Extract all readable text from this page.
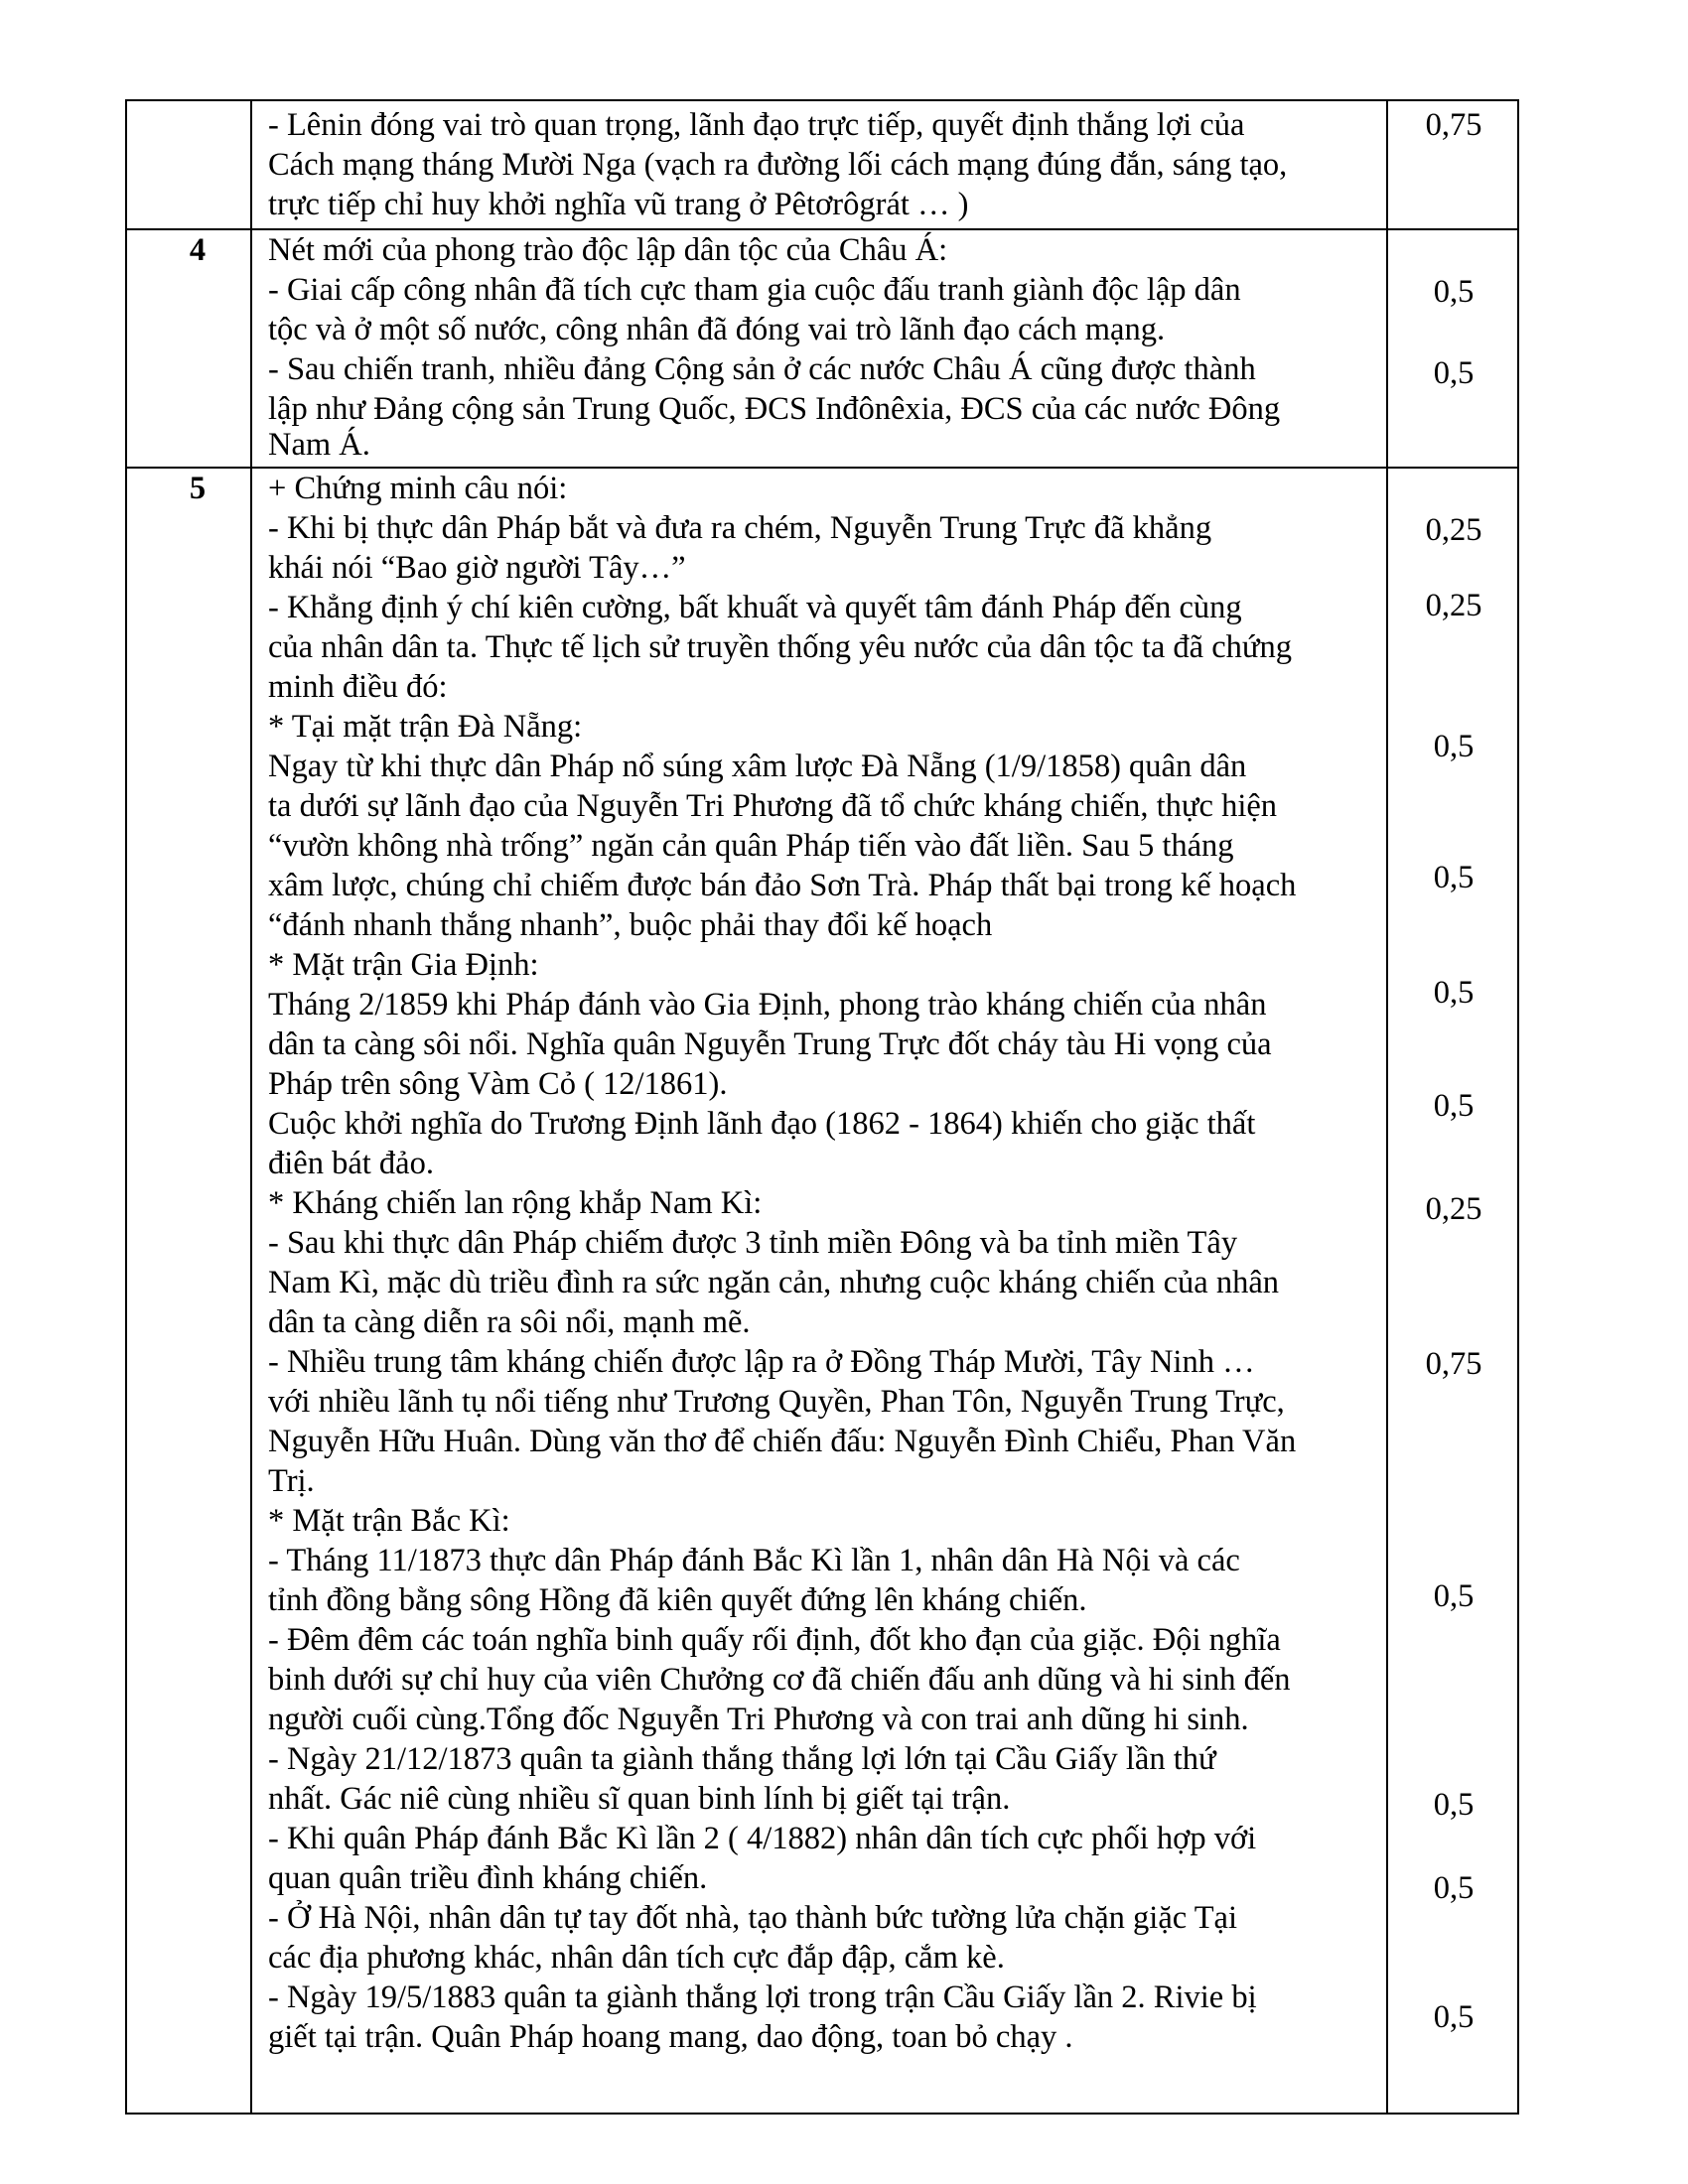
- Lênin đóng vai trò quan trọng, lãnh đạo trực tiếp, quyết định thắng lợi của
Cách mạng tháng Mười Nga (vạch ra đường lối cách mạng đúng đắn, sáng tạo,
trực tiếp chỉ huy khởi nghĩa vũ trang ở Pêtơrôgrát … )
0,75
4	Nét mới của phong trào độc lập dân tộc của Châu Á:
- Giai cấp công nhân đã tích cực tham gia cuộc đấu tranh giành độc lập dân
tộc và ở một số nước, công nhân đã đóng vai trò lãnh đạo cách mạng.
- Sau chiến tranh, nhiều đảng Cộng sản ở các nước Châu Á cũng được thành
lập như Đảng cộng sản Trung Quốc, ĐCS Inđônêxia, ĐCS của các nước Đông
Nam Á.
0,5
0,5
5	+ Chứng minh câu nói:
- Khi bị thực dân Pháp bắt và đưa ra chém, Nguyễn Trung Trực đã khẳng
khái nói “Bao giờ người Tây…”
- Khẳng định ý chí kiên cường, bất khuất và quyết tâm đánh Pháp đến cùng
của nhân dân ta. Thực tế lịch sử truyền thống yêu nước của dân tộc ta đã chứng
minh điều đó:
* Tại mặt trận Đà Nẵng:
Ngay từ khi thực dân Pháp nổ súng xâm lược Đà Nẵng (1/9/1858) quân dân
ta dưới sự lãnh đạo của Nguyễn Tri Phương đã tổ chức kháng chiến, thực hiện
“vườn không nhà trống” ngăn cản quân Pháp tiến vào đất liền. Sau 5 tháng
xâm lược, chúng chỉ chiếm được bán đảo Sơn Trà. Pháp thất bại trong kế hoạch
“đánh nhanh thắng nhanh”, buộc phải thay đổi kế hoạch
* Mặt trận Gia Định:
Tháng 2/1859 khi Pháp đánh vào Gia Định, phong trào kháng chiến của nhân
dân ta càng sôi nổi. Nghĩa quân Nguyễn Trung Trực đốt cháy tàu Hi vọng của
Pháp trên sông Vàm Cỏ ( 12/1861).
Cuộc khởi nghĩa do Trương Định lãnh đạo (1862 - 1864) khiến cho giặc thất
điên bát đảo.
* Kháng chiến lan rộng khắp Nam Kì:
- Sau khi thực dân Pháp chiếm được 3 tỉnh miền Đông và ba tỉnh miền Tây
Nam Kì, mặc dù triều đình ra sức ngăn cản, nhưng cuộc kháng chiến của nhân
dân ta càng diễn ra sôi nổi, mạnh mẽ.
- Nhiều trung tâm kháng chiến được lập ra ở Đồng Tháp Mười, Tây Ninh …
với nhiều lãnh tụ nổi tiếng như Trương Quyền, Phan Tôn, Nguyễn Trung Trực,
Nguyễn Hữu Huân. Dùng văn thơ để chiến đấu: Nguyễn Đình Chiểu, Phan Văn
Trị.
* Mặt trận Bắc Kì:
- Tháng 11/1873 thực dân Pháp đánh Bắc Kì lần 1, nhân dân Hà Nội và các
tỉnh đồng bằng sông Hồng đã kiên quyết đứng lên kháng chiến.
- Đêm đêm các toán nghĩa binh quấy rối định, đốt kho đạn của giặc. Đội nghĩa
binh dưới sự chỉ huy của viên Chưởng cơ đã chiến đấu anh dũng và hi sinh đến
người cuối cùng.Tổng đốc Nguyễn Tri Phương và con trai anh dũng hi sinh.
- Ngày 21/12/1873 quân ta giành thắng thắng lợi lớn tại Cầu Giấy lần thứ
nhất. Gác niê cùng nhiều sĩ quan binh lính bị giết tại trận.
- Khi quân Pháp đánh Bắc Kì lần 2 ( 4/1882) nhân dân tích cực phối hợp với
quan quân triều đình kháng chiến.
- Ở Hà Nội, nhân dân tự tay đốt nhà, tạo thành bức tường lửa chặn giặc Tại
các địa phương khác, nhân dân tích cực đắp đập, cắm kè.
- Ngày 19/5/1883 quân ta giành thắng lợi trong trận Cầu Giấy lần 2. Rivie bị
giết tại trận. Quân Pháp hoang mang, dao động, toan bỏ chạy .
0,25
0,25
0,5
0,5
0,5
0,5
0,25
0,75
0,5
0,5
0,5
0,5
